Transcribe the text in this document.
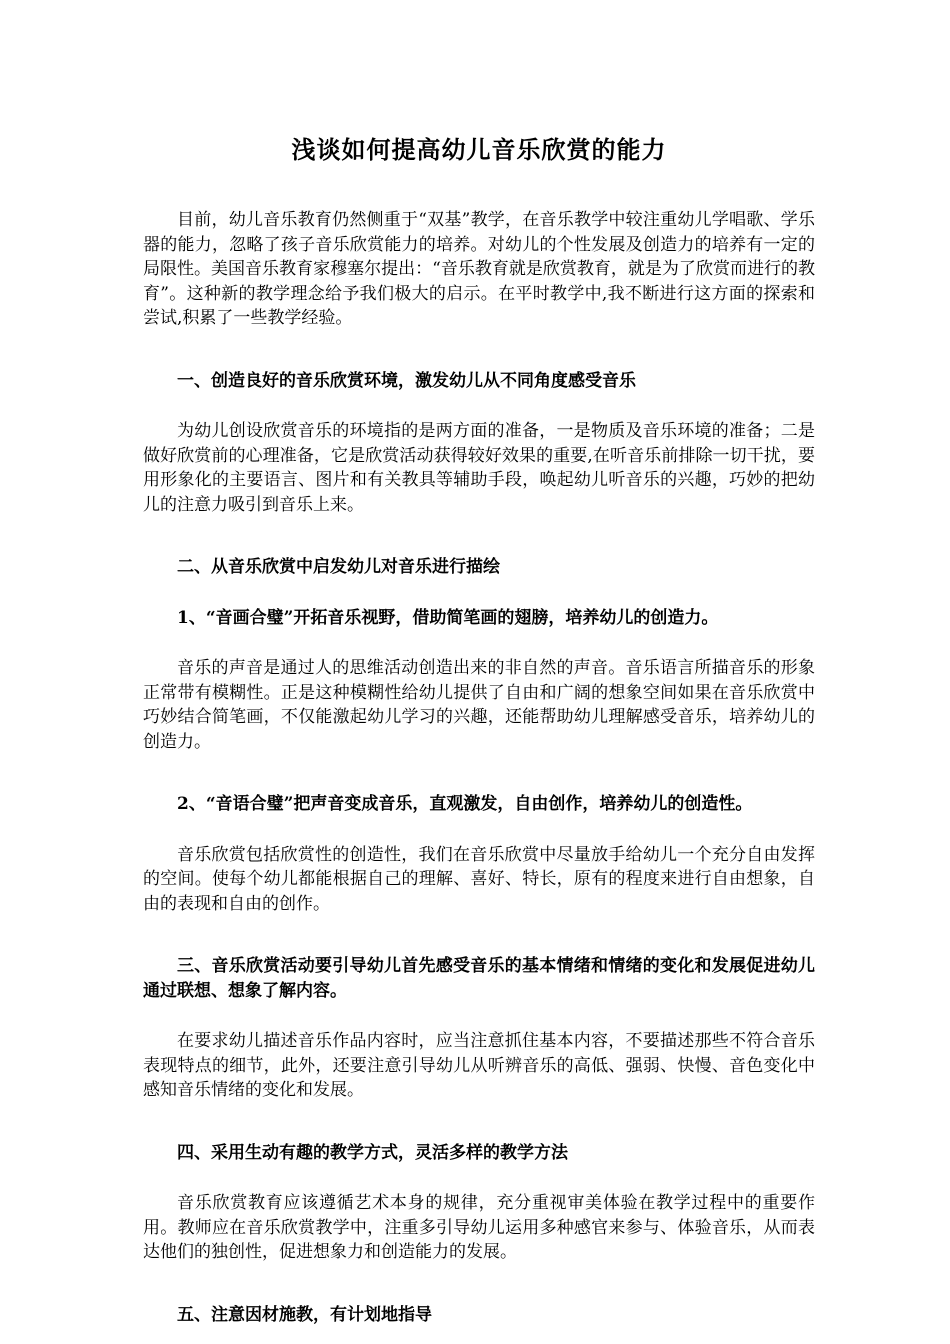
浅谈如何提高幼儿音乐欣赏的能力

目前，幼儿音乐教育仍然侧重于“双基”教学，在音乐教学中较注重幼儿学唱歌、学乐器的能力，忽略了孩子音乐欣赏能力的培养。对幼儿的个性发展及创造力的培养有一定的局限性。美国音乐教育家穆塞尔提出：“音乐教育就是欣赏教育，就是为了欣赏而进行的教育”。这种新的教学理念给予我们极大的启示。在平时教学中,我不断进行这方面的探索和尝试,积累了一些教学经验。

一、创造良好的音乐欣赏环境，激发幼儿从不同角度感受音乐

为幼儿创设欣赏音乐的环境指的是两方面的准备，一是物质及音乐环境的准备；二是做好欣赏前的心理准备，它是欣赏活动获得较好效果的重要,在听音乐前排除一切干扰，要用形象化的主要语言、图片和有关教具等辅助手段，唤起幼儿听音乐的兴趣，巧妙的把幼儿的注意力吸引到音乐上来。

二、从音乐欣赏中启发幼儿对音乐进行描绘

1、“音画合璧”开拓音乐视野，借助简笔画的翅膀，培养幼儿的创造力。

音乐的声音是通过人的思维活动创造出来的非自然的声音。音乐语言所描音乐的形象正常带有模糊性。正是这种模糊性给幼儿提供了自由和广阔的想象空间如果在音乐欣赏中巧妙结合简笔画，不仅能激起幼儿学习的兴趣，还能帮助幼儿理解感受音乐，培养幼儿的创造力。

2、“音语合璧”把声音变成音乐，直观激发，自由创作，培养幼儿的创造性。

音乐欣赏包括欣赏性的创造性，我们在音乐欣赏中尽量放手给幼儿一个充分自由发挥的空间。使每个幼儿都能根据自己的理解、喜好、特长，原有的程度来进行自由想象，自由的表现和自由的创作。

三、音乐欣赏活动要引导幼儿首先感受音乐的基本情绪和情绪的变化和发展促进幼儿通过联想、想象了解内容。

在要求幼儿描述音乐作品内容时，应当注意抓住基本内容，不要描述那些不符合音乐表现特点的细节，此外，还要注意引导幼儿从听辨音乐的高低、强弱、快慢、音色变化中感知音乐情绪的变化和发展。

四、采用生动有趣的教学方式，灵活多样的教学方法

音乐欣赏教育应该遵循艺术本身的规律，充分重视审美体验在教学过程中的重要作用。教师应在音乐欣赏教学中，注重多引导幼儿运用多种感官来参与、体验音乐，从而表达他们的独创性，促进想象力和创造能力的发展。

五、注意因材施教，有计划地指导
